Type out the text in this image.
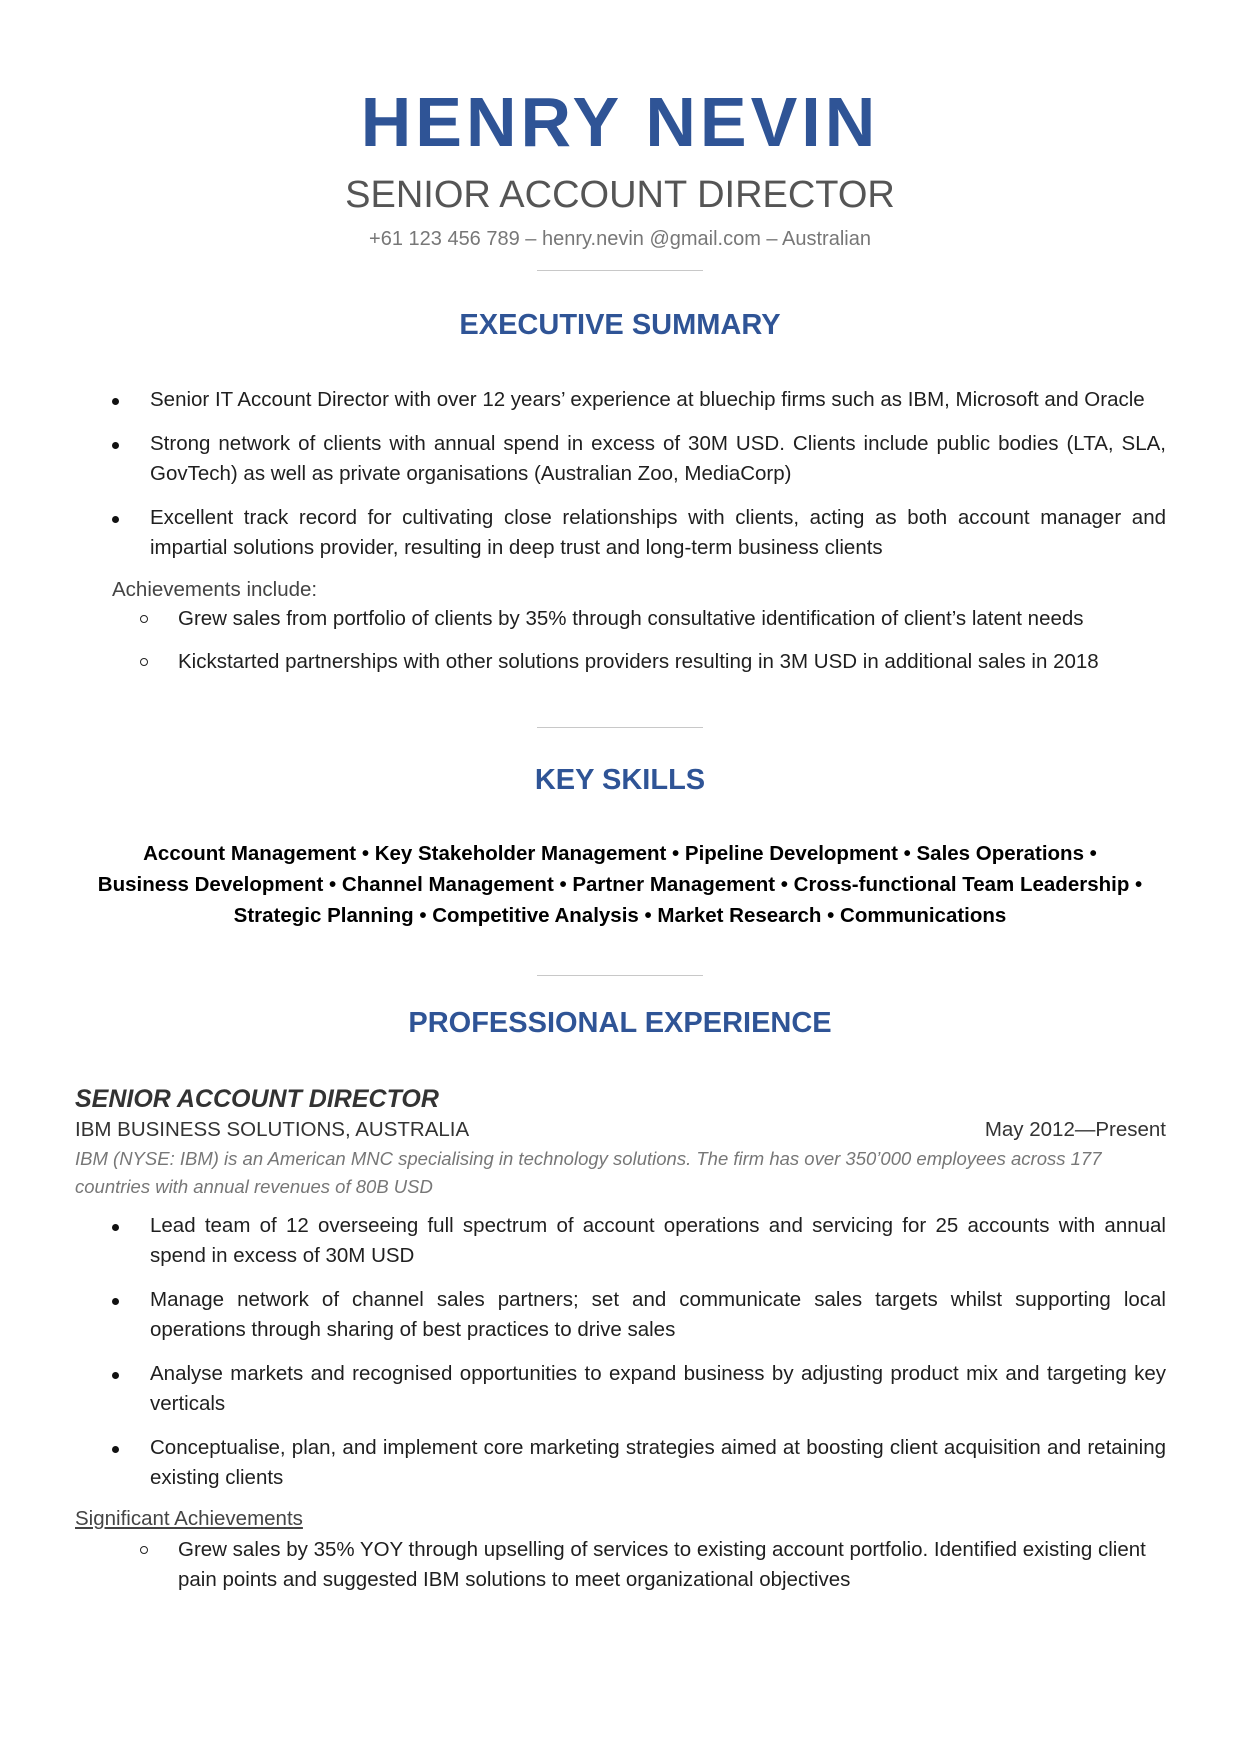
HENRY NEVIN
SENIOR ACCOUNT DIRECTOR
+61 123 456 789 – henry.nevin @gmail.com – Australian
EXECUTIVE SUMMARY
Senior IT Account Director with over 12 years’ experience at bluechip firms such as IBM, Microsoft and Oracle
Strong network of clients with annual spend in excess of 30M USD. Clients include public bodies (LTA, SLA, GovTech) as well as private organisations (Australian Zoo, MediaCorp)
Excellent track record for cultivating close relationships with clients, acting as both account manager and impartial solutions provider, resulting in deep trust and long-term business clients
Achievements include:
Grew sales from portfolio of clients by 35% through consultative identification of client’s latent needs
Kickstarted partnerships with other solutions providers resulting in 3M USD in additional sales in 2018
KEY SKILLS
Account Management • Key Stakeholder Management • Pipeline Development • Sales Operations •
Business Development • Channel Management • Partner Management • Cross-functional Team Leadership •
Strategic Planning • Competitive Analysis • Market Research • Communications
PROFESSIONAL EXPERIENCE
SENIOR ACCOUNT DIRECTOR
IBM BUSINESS SOLUTIONS, AUSTRALIA	May 2012—Present
IBM (NYSE: IBM) is an American MNC specialising in technology solutions. The firm has over 350’000 employees across 177 countries with annual revenues of 80B USD
Lead team of 12 overseeing full spectrum of account operations and servicing for 25 accounts with annual spend in excess of 30M USD
Manage network of channel sales partners; set and communicate sales targets whilst supporting local operations through sharing of best practices to drive sales
Analyse markets and recognised opportunities to expand business by adjusting product mix and targeting key verticals
Conceptualise, plan, and implement core marketing strategies aimed at boosting client acquisition and retaining existing clients
Significant Achievements
Grew sales by 35% YOY through upselling of services to existing account portfolio. Identified existing client pain points and suggested IBM solutions to meet organizational objectives
